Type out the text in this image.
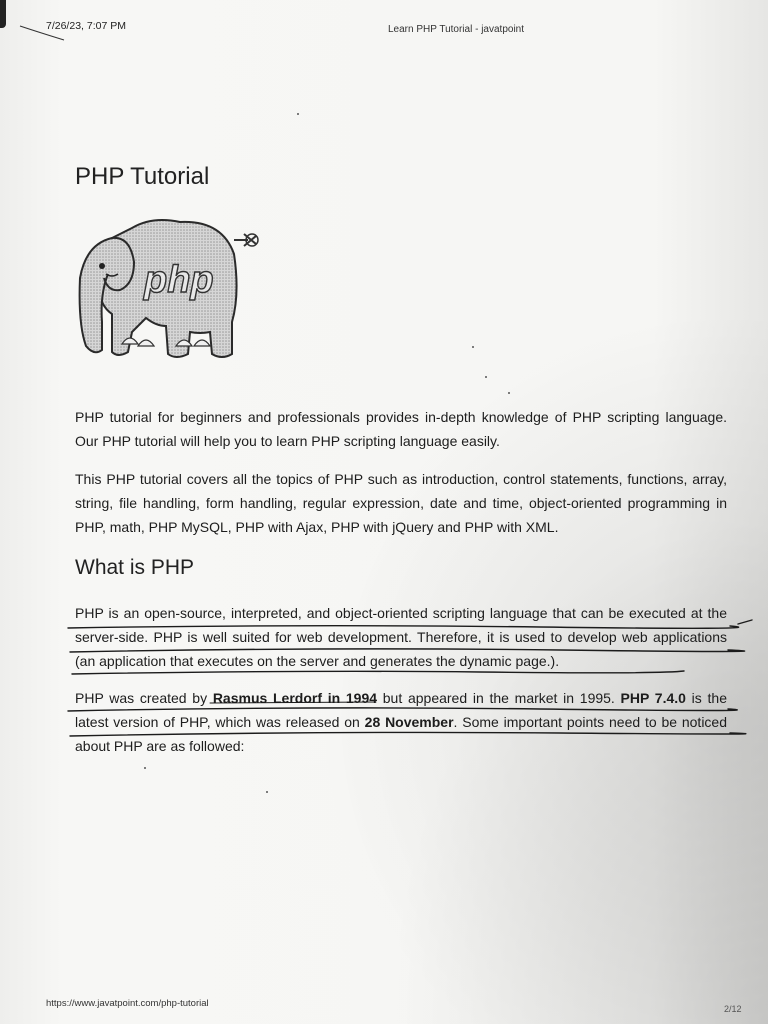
7/26/23, 7:07 PM	Learn PHP Tutorial - javatpoint
PHP Tutorial
php

PHP tutorial for beginners and professionals provides in-depth knowledge of PHP scripting language. Our PHP tutorial will help you to learn PHP scripting language easily.

This PHP tutorial covers all the topics of PHP such as introduction, control statements, functions, array, string, file handling, form handling, regular expression, date and time, object-oriented programming in PHP, math, PHP MySQL, PHP with Ajax, PHP with jQuery and PHP with XML.

What is PHP

PHP is an open-source, interpreted, and object-oriented scripting language that can be executed at the server-side. PHP is well suited for web development. Therefore, it is used to develop web applications (an application that executes on the server and generates the dynamic page.).

PHP was created by Rasmus Lerdorf in 1994 but appeared in the market in 1995. PHP 7.4.0 is the latest version of PHP, which was released on 28 November. Some important points need to be noticed about PHP are as followed:

https://www.javatpoint.com/php-tutorial	2/12
